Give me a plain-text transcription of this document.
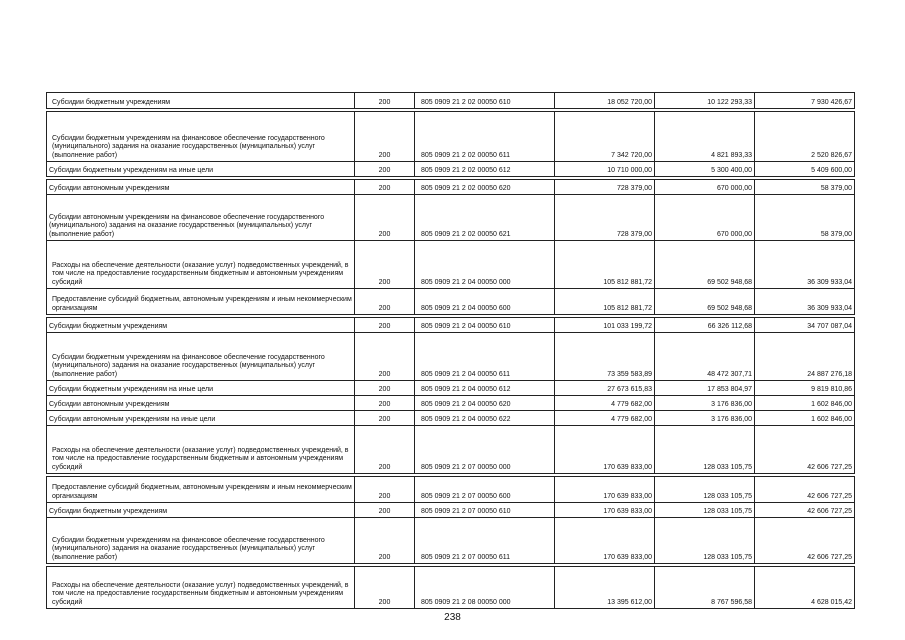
Субсидии бюджетным учреждениям	200	805 0909 21 2 02 00050 610	18 052 720,00	10 122 293,33	7 930 426,67

Субсидии бюджетным учреждениям на финансовое обеспечение государственного (муниципального) задания на оказание государственных (муниципальных) услуг (выполнение работ)	200	805 0909 21 2 02 00050 611	7 342 720,00	4 821 893,33	2 520 826,67
Субсидии бюджетным учреждениям на иные цели	200	805 0909 21 2 02 00050 612	10 710 000,00	5 300 400,00	5 409 600,00

Субсидии автономным учреждениям	200	805 0909 21 2 02 00050 620	728 379,00	670 000,00	58 379,00
Субсидии автономным учреждениям на финансовое обеспечение государственного (муниципального) задания на оказание государственных (муниципальных) услуг (выполнение работ)	200	805 0909 21 2 02 00050 621	728 379,00	670 000,00	58 379,00
Расходы на обеспечение деятельности (оказание услуг) подведомственных учреждений, в том числе на предоставление государственным бюджетным и автономным учреждениям субсидий	200	805 0909 21 2 04 00050 000	105 812 881,72	69 502 948,68	36 309 933,04
Предоставление субсидий бюджетным, автономным учреждениям и иным некоммерческим организациям	200	805 0909 21 2 04 00050 600	105 812 881,72	69 502 948,68	36 309 933,04

Субсидии бюджетным учреждениям	200	805 0909 21 2 04 00050 610	101 033 199,72	66 326 112,68	34 707 087,04
Субсидии бюджетным учреждениям на финансовое обеспечение государственного (муниципального) задания на оказание государственных (муниципальных) услуг (выполнение работ)	200	805 0909 21 2 04 00050 611	73 359 583,89	48 472 307,71	24 887 276,18
Субсидии бюджетным учреждениям на иные цели	200	805 0909 21 2 04 00050 612	27 673 615,83	17 853 804,97	9 819 810,86
Субсидии автономным учреждениям	200	805 0909 21 2 04 00050 620	4 779 682,00	3 176 836,00	1 602 846,00
Субсидии автономным учреждениям на иные цели	200	805 0909 21 2 04 00050 622	4 779 682,00	3 176 836,00	1 602 846,00
Расходы на обеспечение деятельности (оказание услуг) подведомственных учреждений, в том числе на предоставление государственным бюджетным и автономным учреждениям субсидий	200	805 0909 21 2 07 00050 000	170 639 833,00	128 033 105,75	42 606 727,25

Предоставление субсидий бюджетным, автономным учреждениям и иным некоммерческим организациям	200	805 0909 21 2 07 00050 600	170 639 833,00	128 033 105,75	42 606 727,25
Субсидии бюджетным учреждениям	200	805 0909 21 2 07 00050 610	170 639 833,00	128 033 105,75	42 606 727,25
Субсидии бюджетным учреждениям на финансовое обеспечение государственного (муниципального) задания на оказание государственных (муниципальных) услуг (выполнение работ)	200	805 0909 21 2 07 00050 611	170 639 833,00	128 033 105,75	42 606 727,25

Расходы на обеспечение деятельности (оказание услуг) подведомственных учреждений, в том числе на предоставление государственным бюджетным и автономным учреждениям субсидий	200	805 0909 21 2 08 00050 000	13 395 612,00	8 767 596,58	4 628 015,42
238
